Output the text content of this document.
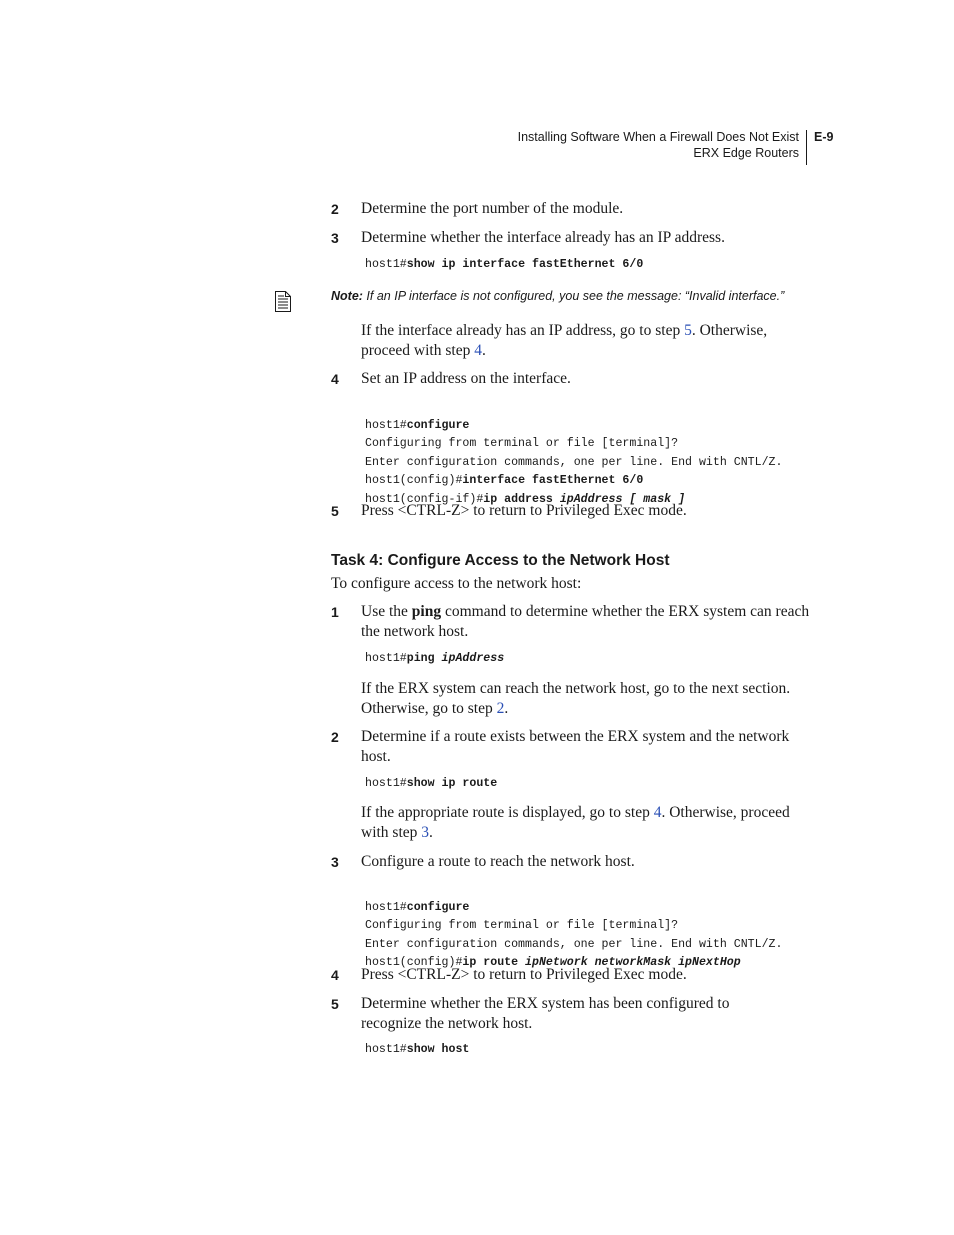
Installing Software When a Firewall Does Not Exist
ERX Edge Routers
E-9
2 Determine the port number of the module.
3 Determine whether the interface already has an IP address.
host1#show ip interface fastEthernet 6/0
Note: If an IP interface is not configured, you see the message: “Invalid interface.”
If the interface already has an IP address, go to step 5. Otherwise, proceed with step 4.
4 Set an IP address on the interface.

host1#configure
Configuring from terminal or file [terminal]?
Enter configuration commands, one per line. End with CNTL/Z.
host1(config)#interface fastEthernet 6/0
host1(config-if)#ip address ipAddress [ mask ]

5 Press <CTRL-Z> to return to Privileged Exec mode.
Task 4: Configure Access to the Network Host
To configure access to the network host:
1 Use the ping command to determine whether the ERX system can reach the network host.
host1#ping ipAddress
If the ERX system can reach the network host, go to the next section. Otherwise, go to step 2.
2 Determine if a route exists between the ERX system and the network host.
host1#show ip route
If the appropriate route is displayed, go to step 4. Otherwise, proceed with step 3.
3 Configure a route to reach the network host.

host1#configure
Configuring from terminal or file [terminal]?
Enter configuration commands, one per line. End with CNTL/Z.
host1(config)#ip route ipNetwork networkMask ipNextHop

4 Press <CTRL-Z> to return to Privileged Exec mode.
5 Determine whether the ERX system has been configured to recognize the network host.
host1#show host
